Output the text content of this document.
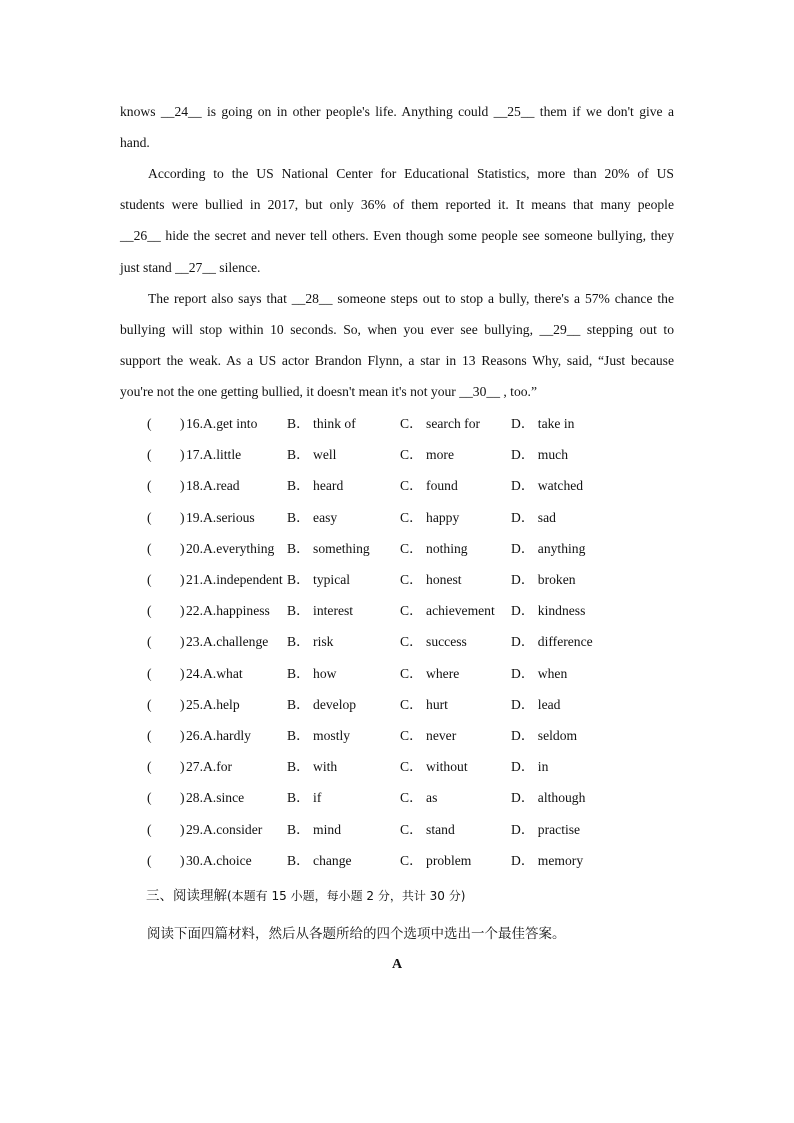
knows __24__ is going on in other people's life. Anything could __25__ them if we don't give a
hand.
According to the US National Center for Educational Statistics, more than 20% of US
students were bullied in 2017, but only 36% of them reported it. It means that many people
__26__ hide the secret and never tell others. Even though some people see someone bullying, they
just stand __27__ silence.
The report also says that __28__ someone steps out to stop a bully, there's a 57% chance the
bullying will stop within 10 seconds. So, when you ever see bullying, __29__ stepping out to
support the weak. As a US actor Brandon Flynn, a star in 13 Reasons Why, said, “Just because
you're not the one getting bullied, it doesn't mean it's not your __30__ , too.”
( ) 16.A.get into B． think of	C． search for D． take in
( ) 17.A.little	B． well	C． more	D． much
( ) 18.A.read	B． heard	C． found	D． watched
( ) 19.A.serious B． easy	C． happy	D． sad
( ) 20.A.everything B． something C． nothing	D． anything
( ) 21.A.independent B． typical	C． honest	D． broken
( ) 22.A.happiness B． interest	C． achievement D． kindness
( ) 23.A.challenge B． risk	C． success	D． difference
( ) 24.A.what	B． how	C． where	D． when
( ) 25.A.help	B． develop	C． hurt	D． lead
( ) 26.A.hardly	B． mostly	C． never	D． seldom
( ) 27.A.for	B． with	C． without	D． in
( ) 28.A.since	B． if	C． as	D． although
( ) 29.A.consider B． mind	C． stand	D． practise
( ) 30.A.choice	B． change	C． problem	D． memory
三、阅读理解(本题有 15 小题，每小题 2 分，共计 30 分)
阅读下面四篇材料，然后从各题所给的四个选项中选出一个最佳答案。
A
